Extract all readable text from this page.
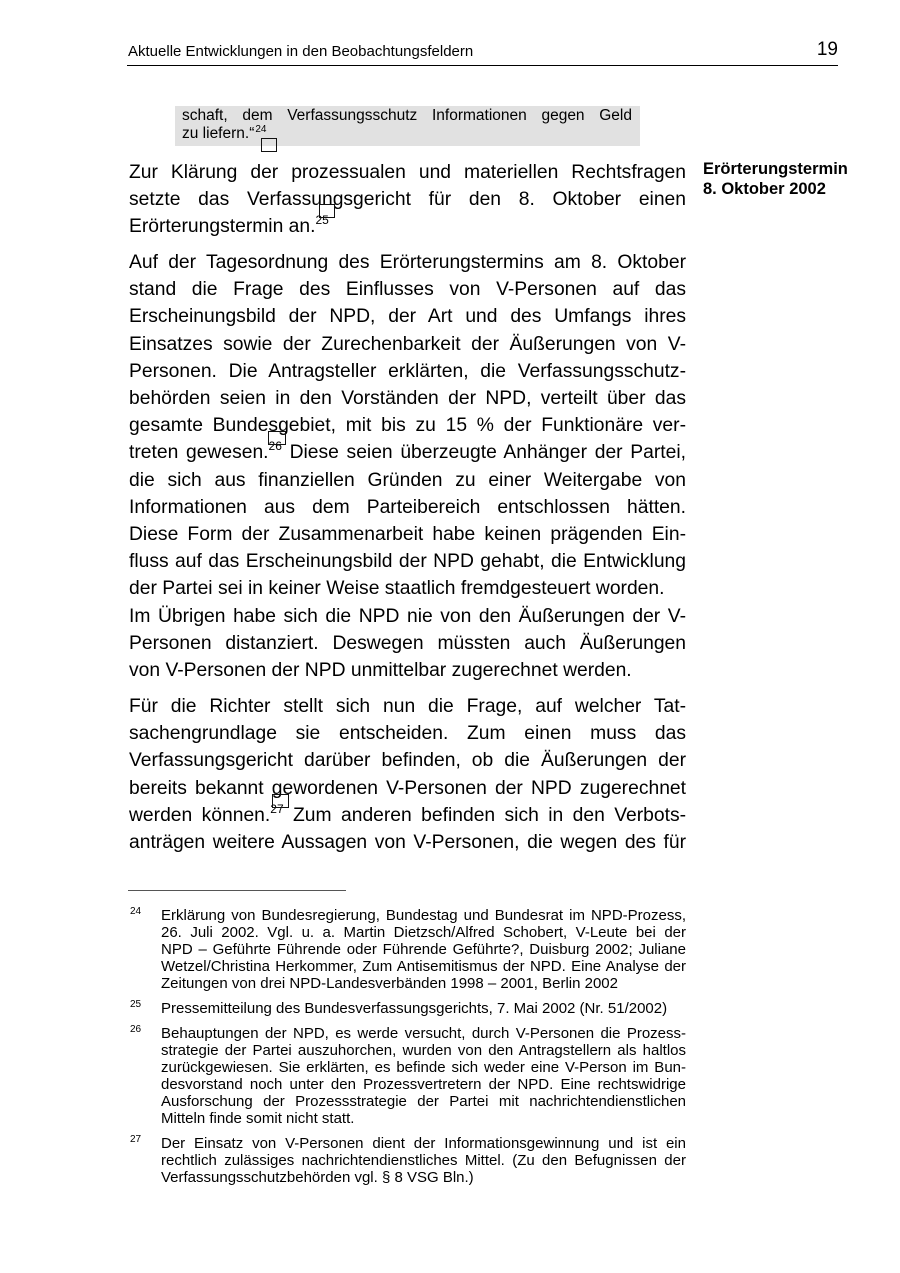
Aktuelle Entwicklungen in den Beobachtungsfeldern	19
schaft, dem Verfassungsschutz Informationen gegen Geld
zu liefern.“$^{24}$
Erörterungstermin
8. Oktober 2002
Zur Klärung der prozessualen und materiellen Rechtsfragen
setzte das Verfassungsgericht für den 8. Oktober einen
Erörterungstermin an.$^{25}$
Auf der Tagesordnung des Erörterungstermins am 8. Oktober
stand die Frage des Einflusses von V-Personen auf das
Erscheinungsbild der NPD, der Art und des Umfangs ihres
Einsatzes sowie der Zurechenbarkeit der Äußerungen von V-
Personen. Die Antragsteller erklärten, die Verfassungsschutz-
behörden seien in den Vorständen der NPD, verteilt über das
gesamte Bundesgebiet, mit bis zu 15 % der Funktionäre ver-
treten gewesen.$^{26}$ Diese seien überzeugte Anhänger der Partei,
die sich aus finanziellen Gründen zu einer Weitergabe von
Informationen aus dem Parteibereich entschlossen hätten.
Diese Form der Zusammenarbeit habe keinen prägenden Ein-
fluss auf das Erscheinungsbild der NPD gehabt, die Entwicklung
der Partei sei in keiner Weise staatlich fremdgesteuert worden.
Im Übrigen habe sich die NPD nie von den Äußerungen der V-
Personen distanziert. Deswegen müssten auch Äußerungen
von V-Personen der NPD unmittelbar zugerechnet werden.
Für die Richter stellt sich nun die Frage, auf welcher Tat-
sachengrundlage sie entscheiden. Zum einen muss das
Verfassungsgericht darüber befinden, ob die Äußerungen der
bereits bekannt gewordenen V-Personen der NPD zugerechnet
werden können.$^{27}$ Zum anderen befinden sich in den Verbots-
anträgen weitere Aussagen von V-Personen, die wegen des für
24 Erklärung von Bundesregierung, Bundestag und Bundesrat im NPD-Prozess,
26. Juli 2002. Vgl. u. a. Martin Dietzsch/Alfred Schobert, V-Leute bei der
NPD – Geführte Führende oder Führende Geführte?, Duisburg 2002; Juliane
Wetzel/Christina Herkommer, Zum Antisemitismus der NPD. Eine Analyse der
Zeitungen von drei NPD-Landesverbänden 1998 – 2001, Berlin 2002
25 Pressemitteilung des Bundesverfassungsgerichts, 7. Mai 2002 (Nr. 51/2002)
26 Behauptungen der NPD, es werde versucht, durch V-Personen die Prozess-
strategie der Partei auszuhorchen, wurden von den Antragstellern als haltlos
zurückgewiesen. Sie erklärten, es befinde sich weder eine V-Person im Bun-
desvorstand noch unter den Prozessvertretern der NPD. Eine rechtswidrige
Ausforschung der Prozessstrategie der Partei mit nachrichtendienstlichen
Mitteln finde somit nicht statt.
27 Der Einsatz von V-Personen dient der Informationsgewinnung und ist ein
rechtlich zulässiges nachrichtendienstliches Mittel. (Zu den Befugnissen der
Verfassungsschutzbehörden vgl. § 8 VSG Bln.)
